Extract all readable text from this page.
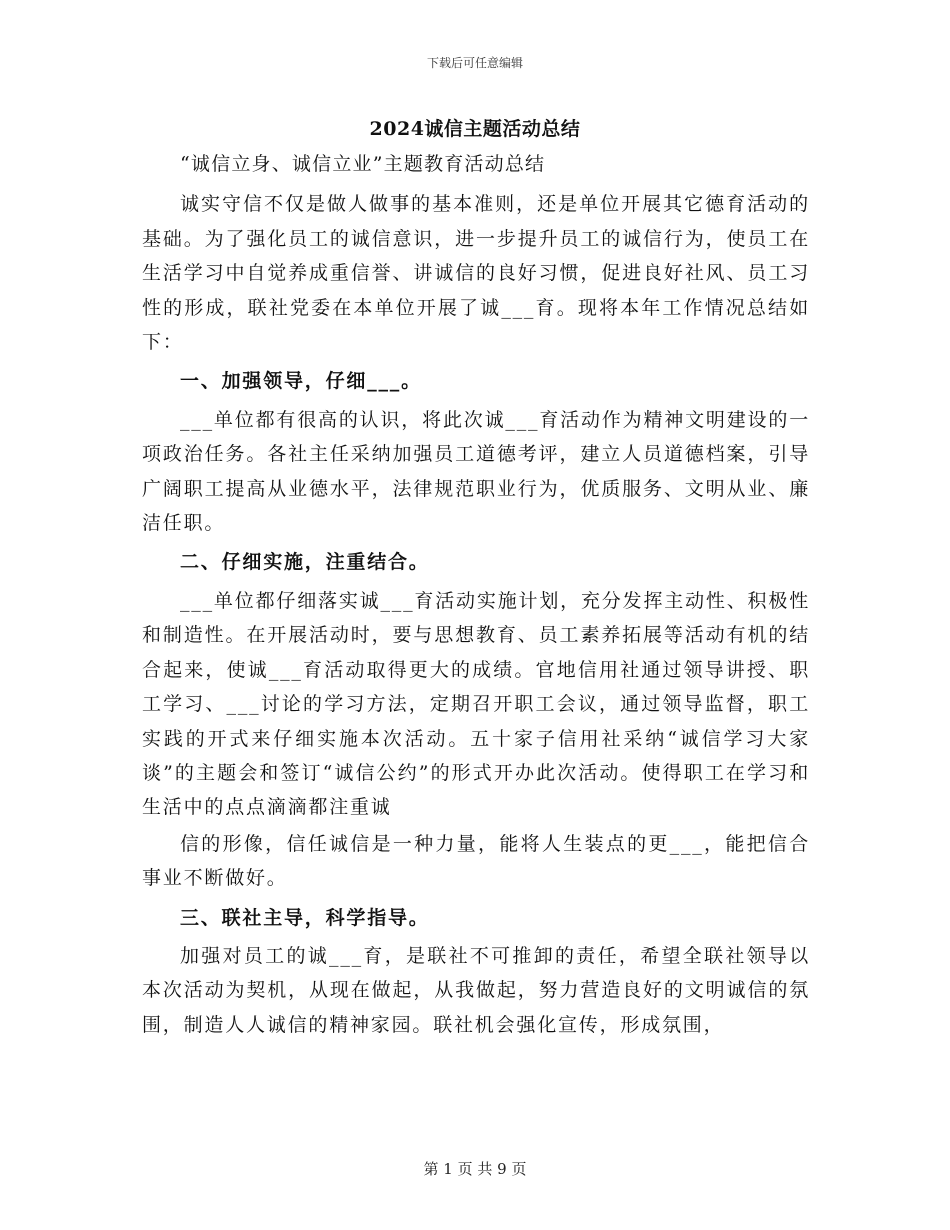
下载后可任意编辑
2024诚信主题活动总结

“诚信立身、诚信立业”主题教育活动总结

诚实守信不仅是做人做事的基本准则，还是单位开展其它德育活动的基础。为了强化员工的诚信意识，进一步提升员工的诚信行为，使员工在生活学习中自觉养成重信誉、讲诚信的良好习惯，促进良好社风、员工习性的形成，联社党委在本单位开展了诚___育。现将本年工作情况总结如下：

一、加强领导，仔细___。

___单位都有很高的认识，将此次诚___育活动作为精神文明建设的一项政治任务。各社主任采纳加强员工道德考评，建立人员道德档案，引导广阔职工提高从业德水平，法律规范职业行为，优质服务、文明从业、廉洁任职。

二、仔细实施，注重结合。

___单位都仔细落实诚___育活动实施计划，充分发挥主动性、积极性和制造性。在开展活动时，要与思想教育、员工素养拓展等活动有机的结合起来，使诚___育活动取得更大的成绩。官地信用社通过领导讲授、职工学习、___讨论的学习方法，定期召开职工会议，通过领导监督，职工实践的开式来仔细实施本次活动。五十家子信用社采纳“诚信学习大家谈”的主题会和签订“诚信公约”的形式开办此次活动。使得职工在学习和生活中的点点滴滴都注重诚

信的形像，信任诚信是一种力量，能将人生装点的更___，能把信合事业不断做好。

三、联社主导，科学指导。

加强对员工的诚___育，是联社不可推卸的责任，希望全联社领导以本次活动为契机，从现在做起，从我做起，努力营造良好的文明诚信的氛围，制造人人诚信的精神家园。联社机会强化宣传，形成氛围，

第 1 页 共 9 页
